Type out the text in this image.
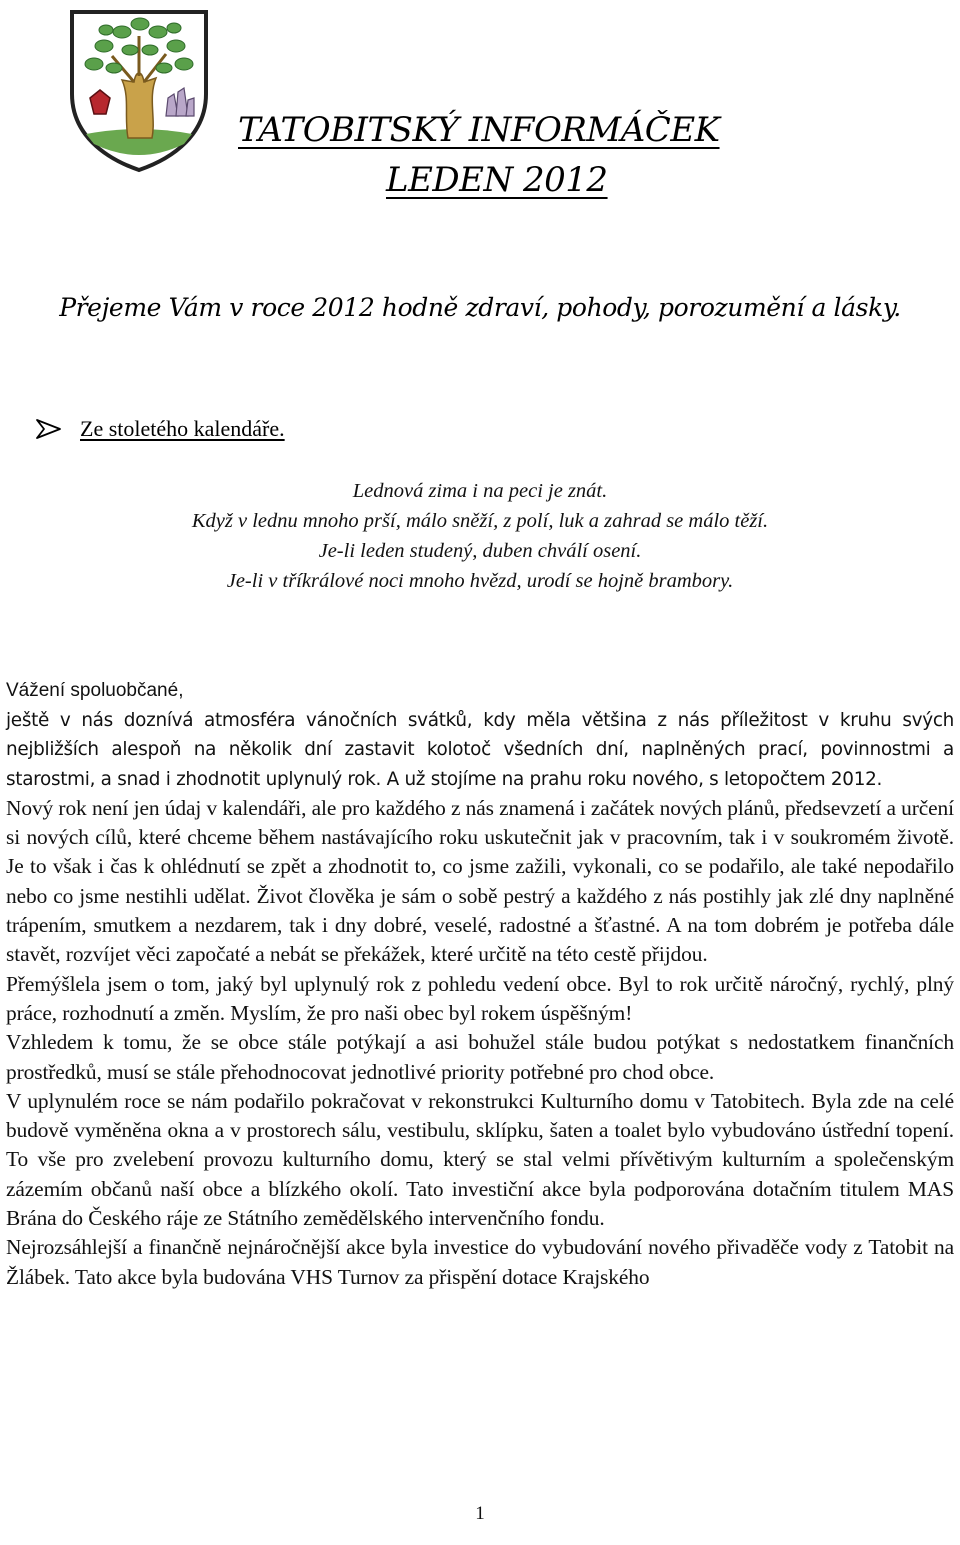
TATOBITSKÝ INFORMÁČEK
LEDEN 2012

Přejeme Vám v roce 2012 hodně zdraví, pohody, porozumění a lásky.

Ze stoletého kalendáře.
Lednová zima i na peci je znát.
Když v lednu mnoho prší, málo sněží, z polí, luk a zahrad se málo těží.
Je-li leden studený, duben chválí osení.
Je-li v tříkrálové noci mnoho hvězd, urodí se hojně brambory.
Vážení spoluobčané,

ještě v nás doznívá atmosféra vánočních svátků, kdy měla většina z nás příležitost v kruhu svých nejbližších alespoň na několik dní zastavit kolotoč všedních dní, naplněných prací, povinnostmi a starostmi, a snad i zhodnotit uplynulý rok. A už stojíme na prahu roku nového, s letopočtem 2012.

Nový rok není jen údaj v kalendáři, ale pro každého z nás znamená i začátek nových plánů, předsevzetí a určení si nových cílů, které chceme během nastávajícího roku uskutečnit jak v pracovním, tak i v soukromém životě. Je to však i čas k ohlédnutí se zpět a zhodnotit to, co jsme zažili, vykonali, co se podařilo, ale také nepodařilo nebo co jsme nestihli udělat. Život člověka je sám o sobě pestrý a každého z nás postihly jak zlé dny naplněné trápením, smutkem a nezdarem, tak i dny dobré, veselé, radostné a šťastné. A na tom dobrém je potřeba dále stavět, rozvíjet věci započaté a nebát se překážek, které určitě na této cestě přijdou.

Přemýšlela jsem o tom, jaký byl uplynulý rok z pohledu vedení obce. Byl to rok určitě náročný, rychlý, plný práce, rozhodnutí a změn. Myslím, že pro naši obec byl rokem úspěšným!

Vzhledem k tomu, že se obce stále potýkají a asi bohužel stále budou potýkat s nedostatkem finančních prostředků, musí se stále přehodnocovat jednotlivé priority potřebné pro chod obce.

V uplynulém roce se nám podařilo pokračovat v rekonstrukci Kulturního domu v Tatobitech. Byla zde na celé budově vyměněna okna a v prostorech sálu, vestibulu, sklípku, šaten a toalet bylo vybudováno ústřední topení. To vše pro zvelebení provozu kulturního domu, který se stal velmi přívětivým kulturním a společenským zázemím občanů naší obce a blízkého okolí. Tato investiční akce byla podporována dotačním titulem MAS Brána do Českého ráje ze Státního zemědělského intervenčního fondu.

Nejrozsáhlejší a finančně nejnáročnější akce byla investice do vybudování nového přivaděče vody z Tatobit na Žlábek. Tato akce byla budována VHS Turnov za přispění dotace Krajského

1
